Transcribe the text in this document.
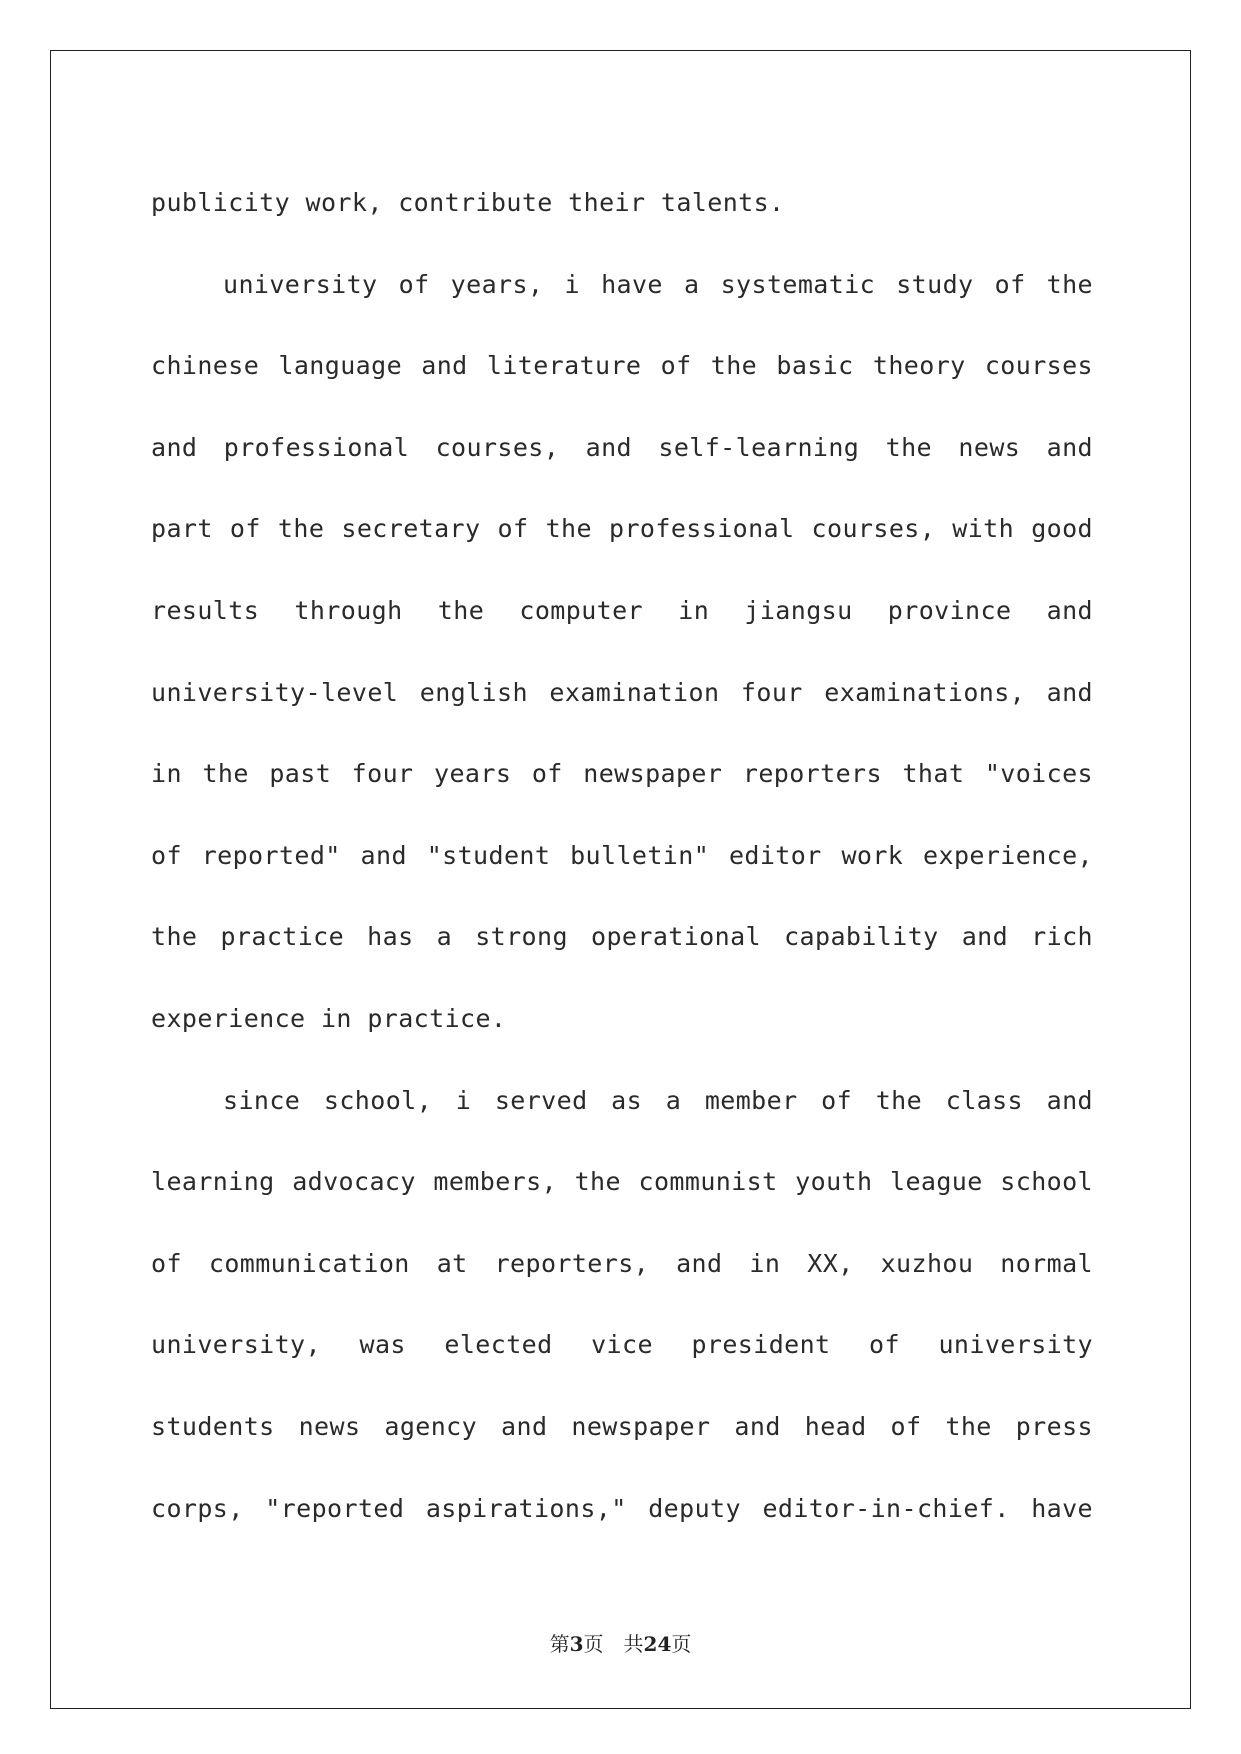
publicity work, contribute their talents.
university of years, i have a systematic study of the
chinese language and literature of the basic theory courses
and professional courses, and self-learning the news and
part of the secretary of the professional courses, with good
results through the computer in jiangsu province and
university-level english examination four examinations, and
in the past four years of newspaper reporters that "voices
of reported" and "student bulletin" editor work experience,
the practice has a strong operational capability and rich
experience in practice.
since school, i served as a member of the class and
learning advocacy members, the communist youth league school
of communication at reporters, and in XX, xuzhou normal
university, was elected vice president of university
students news agency and newspaper and head of the press
corps, "reported aspirations," deputy editor-in-chief. have
第3页 共24页
